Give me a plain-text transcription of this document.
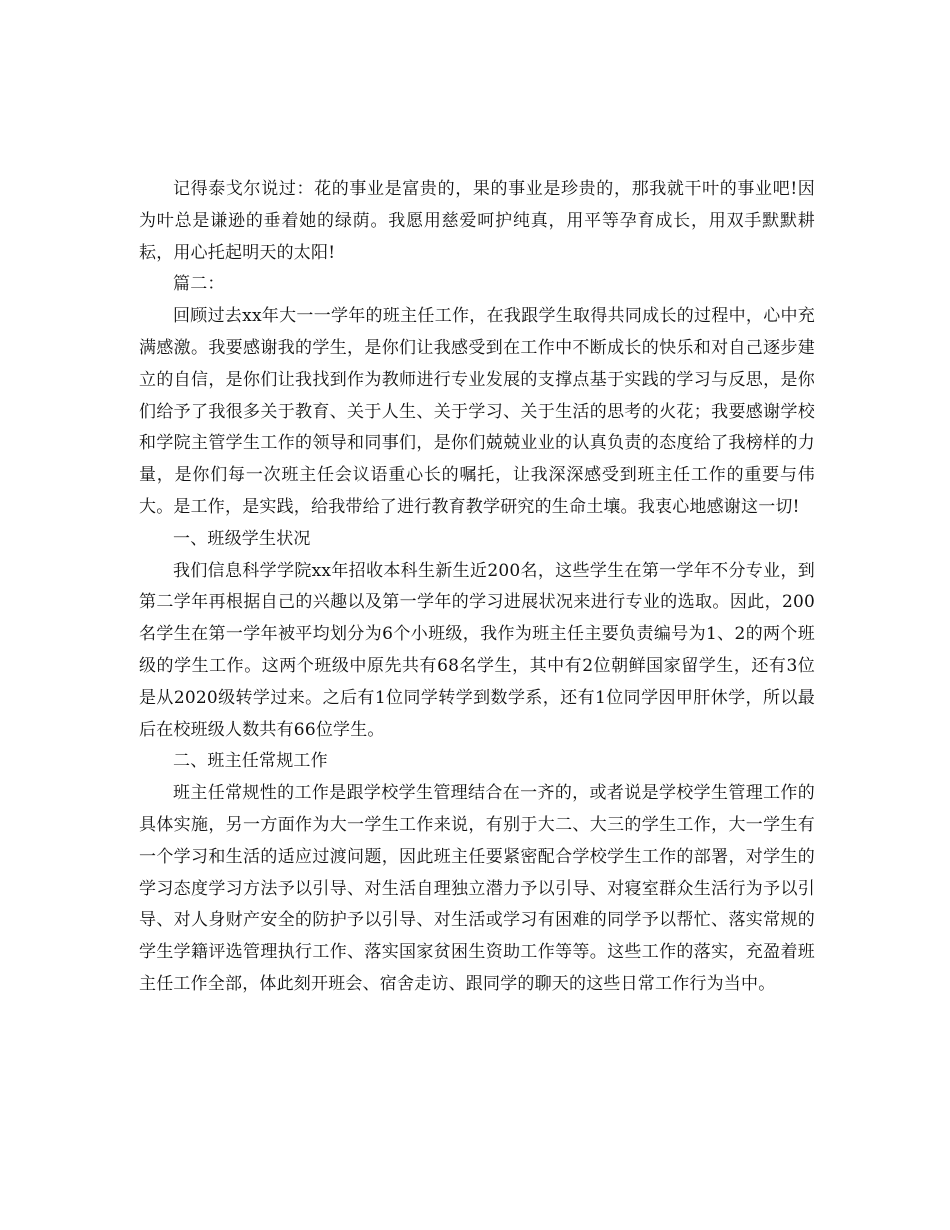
记得泰戈尔说过：花的事业是富贵的，果的事业是珍贵的，那我就干叶的事业吧!因为叶总是谦逊的垂着她的绿荫。我愿用慈爱呵护纯真，用平等孕育成长，用双手默默耕耘，用心托起明天的太阳!

篇二：

回顾过去xx年大一一学年的班主任工作，在我跟学生取得共同成长的过程中，心中充满感激。我要感谢我的学生，是你们让我感受到在工作中不断成长的快乐和对自己逐步建立的自信，是你们让我找到作为教师进行专业发展的支撑点基于实践的学习与反思，是你们给予了我很多关于教育、关于人生、关于学习、关于生活的思考的火花；我要感谢学校和学院主管学生工作的领导和同事们，是你们兢兢业业的认真负责的态度给了我榜样的力量，是你们每一次班主任会议语重心长的嘱托，让我深深感受到班主任工作的重要与伟大。是工作，是实践，给我带给了进行教育教学研究的生命土壤。我衷心地感谢这一切!

一、班级学生状况

我们信息科学学院xx年招收本科生新生近200名，这些学生在第一学年不分专业，到第二学年再根据自己的兴趣以及第一学年的学习进展状况来进行专业的选取。因此，200名学生在第一学年被平均划分为6个小班级，我作为班主任主要负责编号为1、2的两个班级的学生工作。这两个班级中原先共有68名学生，其中有2位朝鲜国家留学生，还有3位是从2020级转学过来。之后有1位同学转学到数学系，还有1位同学因甲肝休学，所以最后在校班级人数共有66位学生。

二、班主任常规工作

班主任常规性的工作是跟学校学生管理结合在一齐的，或者说是学校学生管理工作的具体实施，另一方面作为大一学生工作来说，有别于大二、大三的学生工作，大一学生有一个学习和生活的适应过渡问题，因此班主任要紧密配合学校学生工作的部署，对学生的学习态度学习方法予以引导、对生活自理独立潜力予以引导、对寝室群众生活行为予以引导、对人身财产安全的防护予以引导、对生活或学习有困难的同学予以帮忙、落实常规的学生学籍评选管理执行工作、落实国家贫困生资助工作等等。这些工作的落实，充盈着班主任工作全部，体此刻开班会、宿舍走访、跟同学的聊天的这些日常工作行为当中。
